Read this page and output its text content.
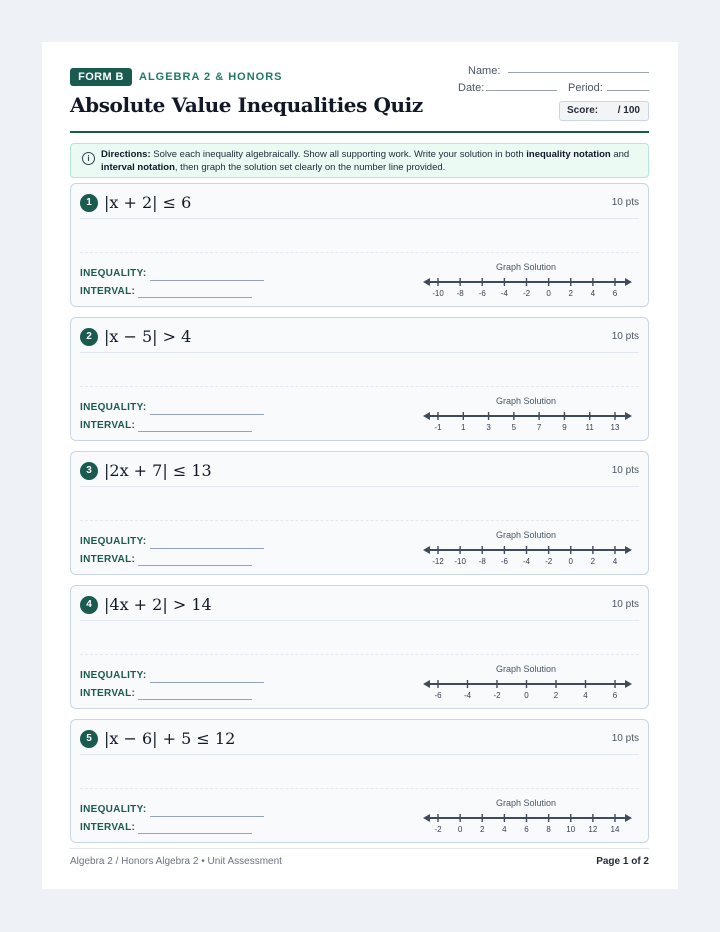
FORM B	ALGEBRA 2 & HONORS
Absolute Value Inequalities Quiz
Name:
Date:	Period:
Score: / 100
i	Directions: Solve each inequality algebraically. Show all supporting work. Write your solution in both inequality notation and interval notation, then graph the solution set clearly on the number line provided.
1 |x + 2| ≤ 6	10 pts
INEQUALITY:
INTERVAL:
Graph Solution
-10 -8 -6 -4 -2 0 2 4 6
2 |x − 5| > 4	10 pts
INEQUALITY:
INTERVAL:
Graph Solution
-1 1	3	5	7	9 11 13
3 |2x + 7| ≤ 13	10 pts
INEQUALITY:
INTERVAL:
Graph Solution
-12 -10 -8 -6 -4 -2 0 2 4
4 |4x + 2| > 14	10 pts
INEQUALITY:
INTERVAL:
Graph Solution
-6	-4	-2	0	2	4	6
5 |x − 6| + 5 ≤ 12	10 pts
INEQUALITY:
INTERVAL:
Graph Solution
-2 0 2 4 6 8 10 12 14
Algebra 2 / Honors Algebra 2 • Unit Assessment	Page 1 of 2
